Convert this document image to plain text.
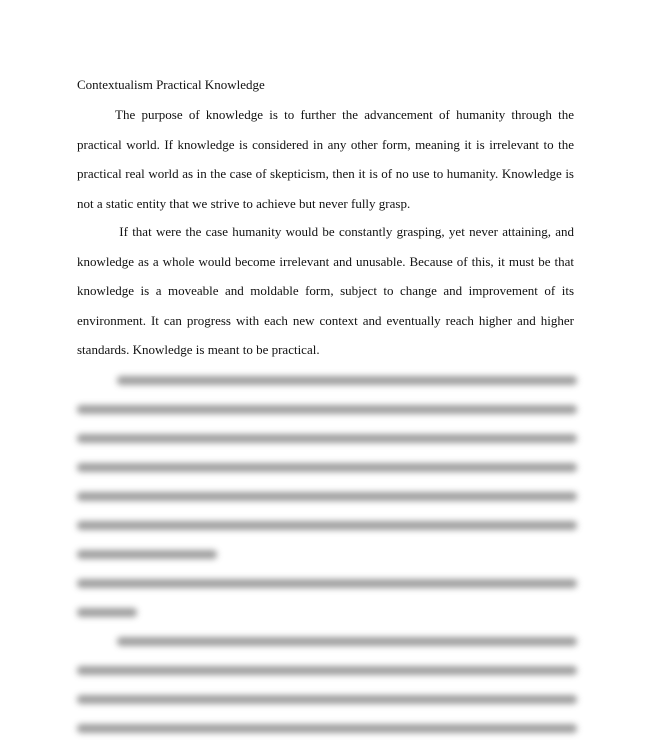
Contextualism Practical Knowledge

The purpose of knowledge is to further the advancement of humanity through the practical world. If knowledge is considered in any other form, meaning it is irrelevant to the practical real world as in the case of skepticism, then it is of no use to humanity. Knowledge is not a static entity that we strive to achieve but never fully grasp.

If that were the case humanity would be constantly grasping, yet never attaining, and knowledge as a whole would become irrelevant and unusable. Because of this, it must be that knowledge is a moveable and moldable form, subject to change and improvement of its environment. It can progress with each new context and eventually reach higher and higher standards. Knowledge is meant to be practical.
